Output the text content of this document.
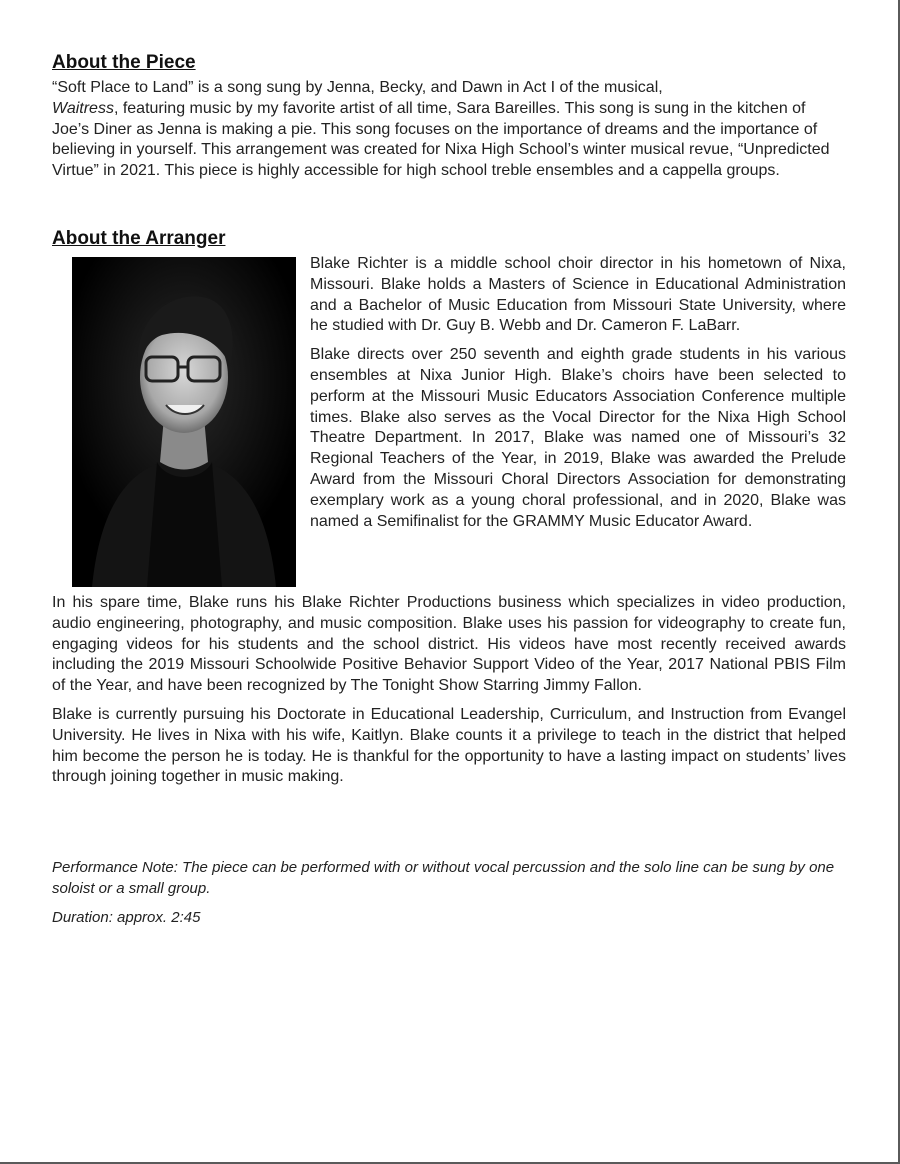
About the Piece

“Soft Place to Land” is a song sung by Jenna, Becky, and Dawn in Act I of the musical,
Waitress, featuring music by my favorite artist of all time, Sara Bareilles. This song is sung in the kitchen of Joe’s Diner as Jenna is making a pie. This song focuses on the importance of dreams and the importance of believing in yourself. This arrangement was created for Nixa High School’s winter musical revue, “Unpredicted Virtue” in 2021. This piece is highly accessible for high school treble ensembles and a cappella groups.

About the Arranger

Blake Richter is a middle school choir director in his hometown of Nixa, Missouri. Blake holds a Masters of Science in Educational Administration and a Bachelor of Music Education from Missouri State University, where he studied with Dr. Guy B. Webb and Dr. Cameron F. LaBarr.

Blake directs over 250 seventh and eighth grade students in his various ensembles at Nixa Junior High. Blake’s choirs have been selected to perform at the Missouri Music Educators Association Conference multiple times. Blake also serves as the Vocal Director for the Nixa High School Theatre Department. In 2017, Blake was named one of Missouri’s 32 Regional Teachers of the Year, in 2019, Blake was awarded the Prelude Award from the Missouri Choral Directors Association for demonstrating exemplary work as a young choral professional, and in 2020, Blake was named a Semifinalist for the GRAMMY Music Educator Award.

In his spare time, Blake runs his Blake Richter Productions business which specializes in video production, audio engineering, photography, and music composition. Blake uses his passion for videography to create fun, engaging videos for his students and the school district. His videos have most recently received awards including the 2019 Missouri Schoolwide Positive Behavior Support Video of the Year, 2017 National PBIS Film of the Year, and have been recognized by The Tonight Show Starring Jimmy Fallon.

Blake is currently pursuing his Doctorate in Educational Leadership, Curriculum, and Instruction from Evangel University. He lives in Nixa with his wife, Kaitlyn. Blake counts it a privilege to teach in the district that helped him become the person he is today. He is thankful for the opportunity to have a lasting impact on students’ lives through joining together in music making.

Performance Note: The piece can be performed with or without vocal percussion and the solo line can be sung by one soloist or a small group.

Duration: approx. 2:45
